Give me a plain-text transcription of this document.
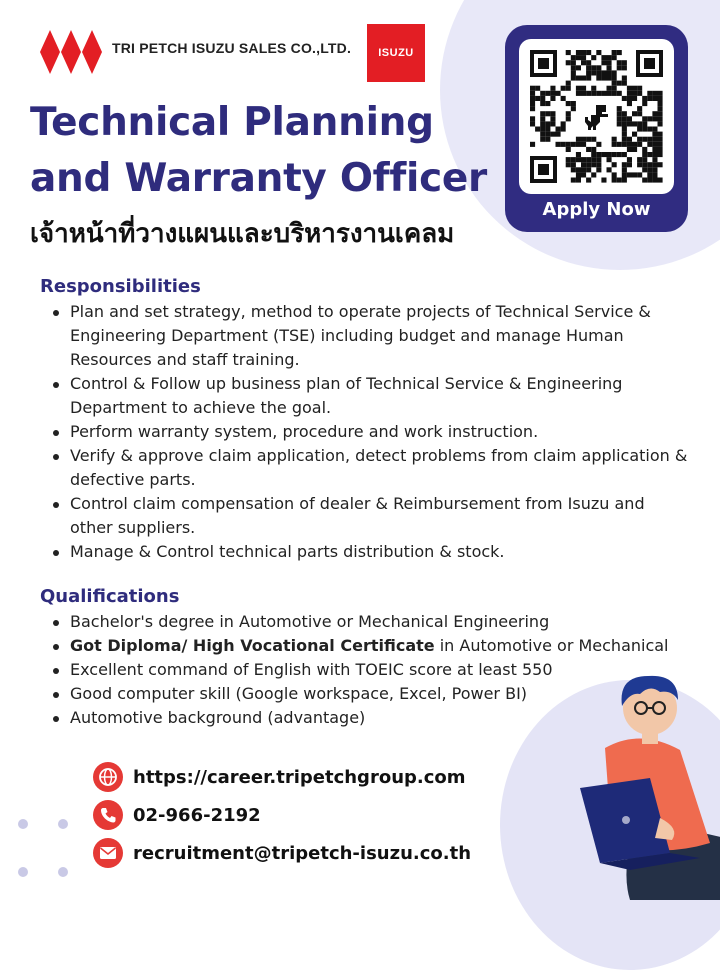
TRI PETCH ISUZU SALES CO.,LTD.	ISUZU
Technical Planning
and Warranty Officer
เจ้าหน้าที่วางแผนและบริหารงานเคลม
Apply Now
Responsibilities
Plan and set strategy, method to operate projects of Technical Service & Engineering Department (TSE) including budget and manage Human Resources and staff training.
Control & Follow up business plan of Technical Service & Engineering Department to achieve the goal.
Perform warranty system, procedure and work instruction.
Verify & approve claim application, detect problems from claim application & defective parts.
Control claim compensation of dealer & Reimbursement from Isuzu and other suppliers.
Manage & Control technical parts distribution & stock.
Qualifications
Bachelor's degree in Automotive or Mechanical Engineering
Got Diploma/ High Vocational Certificate in Automotive or Mechanical
Excellent command of English with TOEIC score at least 550
Good computer skill (Google workspace, Excel, Power BI)
Automotive background (advantage)
https://career.tripetchgroup.com
02-966-2192
recruitment@tripetch-isuzu.co.th
